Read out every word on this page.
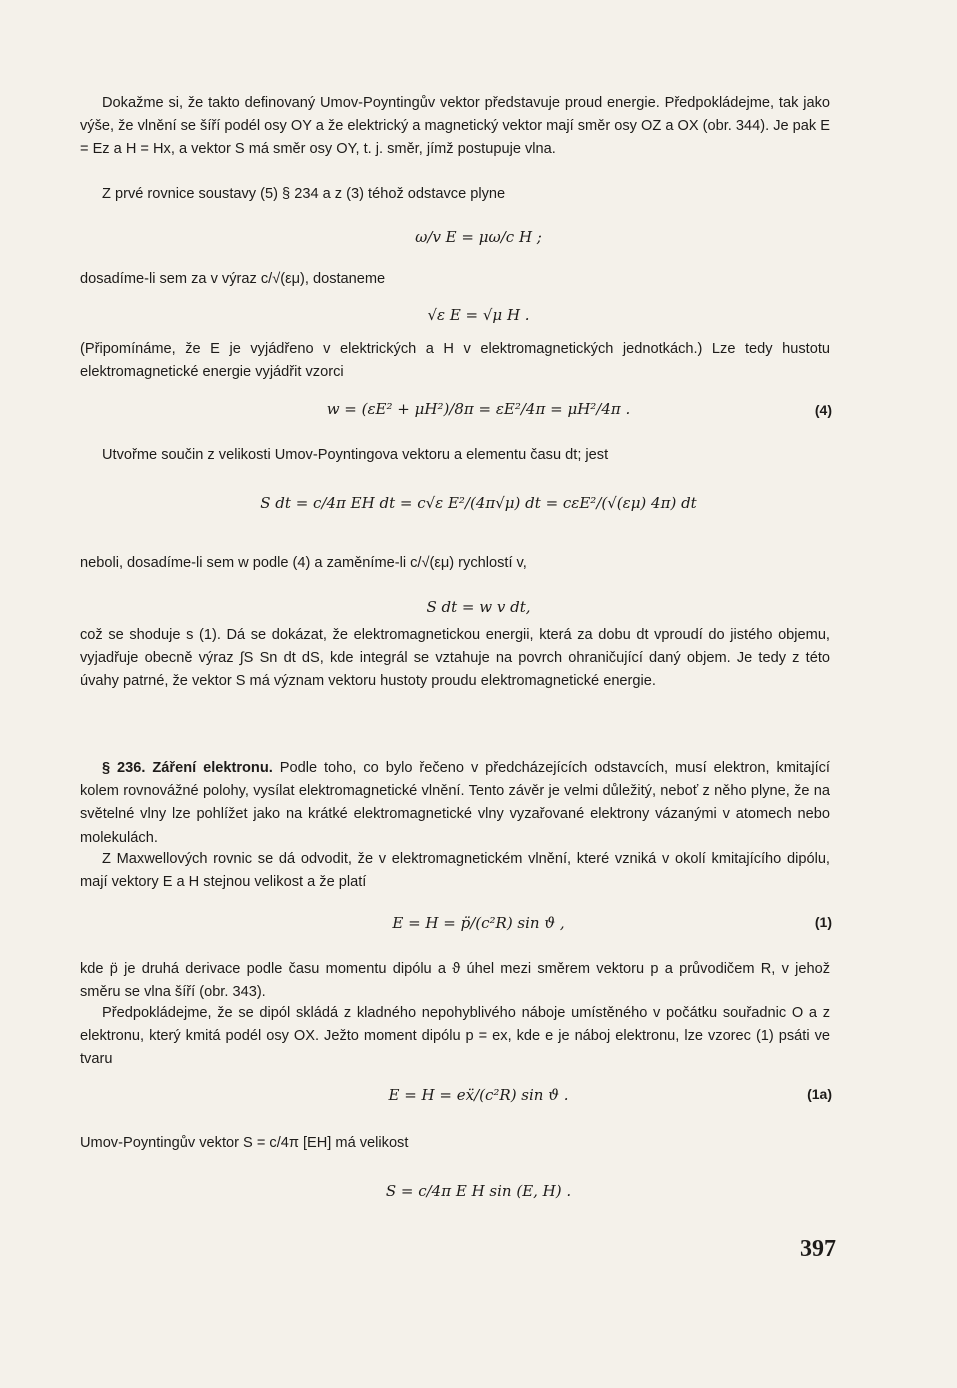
Dokažme si, že takto definovaný Umov-Poyntingův vektor představuje proud energie. Předpokládejme, tak jako výše, že vlnění se šíří podél osy OY a že elektrický a magnetický vektor mají směr osy OZ a OX (obr. 344). Je pak E = Ez a H = Hx, a vektor S má směr osy OY, t. j. směr, jímž postupuje vlna.

Z prvé rovnice soustavy (5) § 234 a z (3) téhož odstavce plyne

ω/v E = μω/c H ;

dosadíme-li sem za v výraz c/√(εμ), dostaneme

√ε E = √μ H .

(Připomínáme, že E je vyjádřeno v elektrických a H v elektromagnetických jednotkách.) Lze tedy hustotu elektromagnetické energie vyjádřit vzorci

w = (εE² + μH²)/8π = εE²/4π = μH²/4π .	(4)

Utvořme součin z velikosti Umov-Poyntingova vektoru a elementu času dt; jest

S dt = c/4π EH dt = c√ε E²/(4π√μ) dt = cεE²/(√(εμ) 4π) dt

neboli, dosadíme-li sem w podle (4) a zaměníme-li c/√(εμ) rychlostí v,

S dt = w v dt,

což se shoduje s (1). Dá se dokázat, že elektromagnetickou energii, která za dobu dt vproudí do jistého objemu, vyjadřuje obecně výraz ∫S Sn dt dS, kde integrál se vztahuje na povrch ohraničující daný objem. Je tedy z této úvahy patrné, že vektor S má význam vektoru hustoty proudu elektromagnetické energie.

§ 236. Záření elektronu. Podle toho, co bylo řečeno v předcházejících odstavcích, musí elektron, kmitající kolem rovnovážné polohy, vysílat elektromagnetické vlnění. Tento závěr je velmi důležitý, neboť z něho plyne, že na světelné vlny lze pohlížet jako na krátké elektromagnetické vlny vyzařované elektrony vázanými v atomech nebo molekulách.

Z Maxwellových rovnic se dá odvodit, že v elektromagnetickém vlnění, které vzniká v okolí kmitajícího dipólu, mají vektory E a H stejnou velikost a že platí

E = H = p̈/(c²R) sin ϑ ,	(1)

kde p̈ je druhá derivace podle času momentu dipólu a ϑ úhel mezi směrem vektoru p a průvodičem R, v jehož směru se vlna šíří (obr. 343).

Předpokládejme, že se dipól skládá z kladného nepohyblivého náboje umístěného v počátku souřadnic O a z elektronu, který kmitá podél osy OX. Ježto moment dipólu p = ex, kde e je náboj elektronu, lze vzorec (1) psáti ve tvaru

E = H = eẍ/(c²R) sin ϑ .	(1a)

Umov-Poyntingův vektor S = c/4π [EH] má velikost

S = c/4π E H sin (E, H) .
397
